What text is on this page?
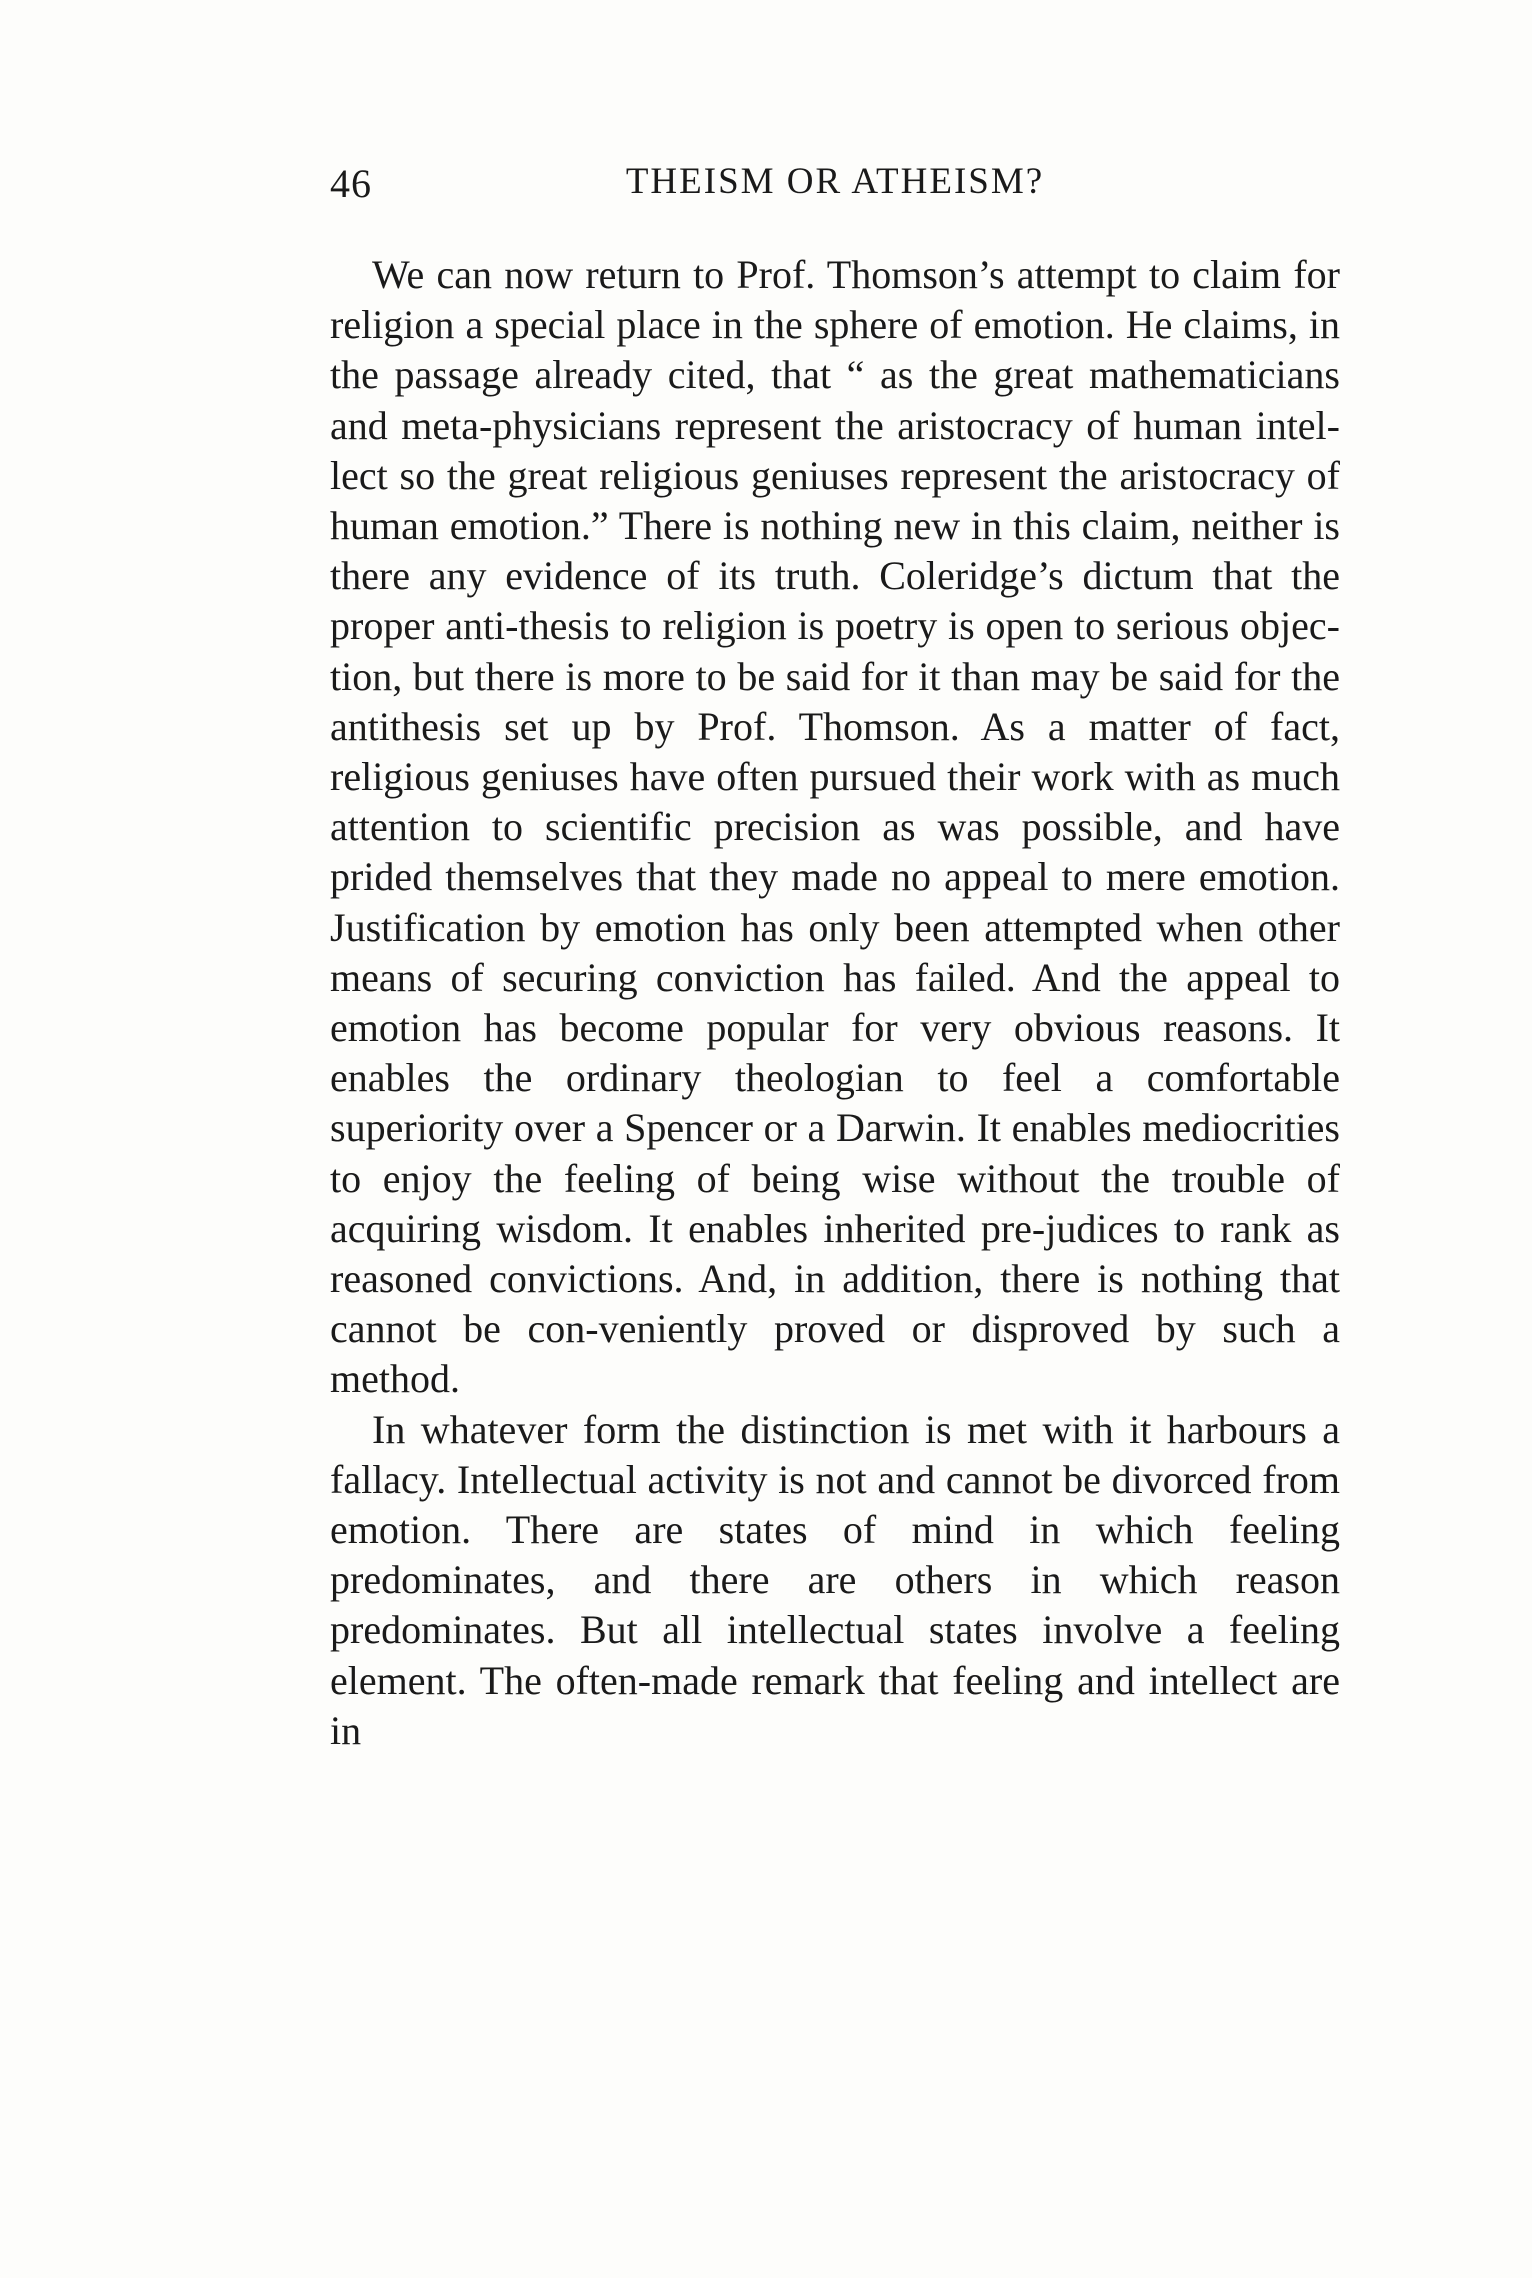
46	THEISM OR ATHEISM?

We can now return to Prof. Thomson’s attempt to claim for religion a special place in the sphere of emotion. He claims, in the passage already cited, that “ as the great mathematicians and meta-physicians represent the aristocracy of human intel-lect so the great religious geniuses represent the aristocracy of human emotion.” There is nothing new in this claim, neither is there any evidence of its truth. Coleridge’s dictum that the proper anti-thesis to religion is poetry is open to serious objec-tion, but there is more to be said for it than may be said for the antithesis set up by Prof. Thomson. As a matter of fact, religious geniuses have often pursued their work with as much attention to scientific precision as was possible, and have prided themselves that they made no appeal to mere emotion. Justification by emotion has only been attempted when other means of securing conviction has failed. And the appeal to emotion has become popular for very obvious reasons. It enables the ordinary theologian to feel a comfortable superiority over a Spencer or a Darwin. It enables mediocrities to enjoy the feeling of being wise without the trouble of acquiring wisdom. It enables inherited pre-judices to rank as reasoned convictions. And, in addition, there is nothing that cannot be con-veniently proved or disproved by such a method.

In whatever form the distinction is met with it harbours a fallacy. Intellectual activity is not and cannot be divorced from emotion. There are states of mind in which feeling predominates, and there are others in which reason predominates. But all intellectual states involve a feeling element. The often-made remark that feeling and intellect are in
